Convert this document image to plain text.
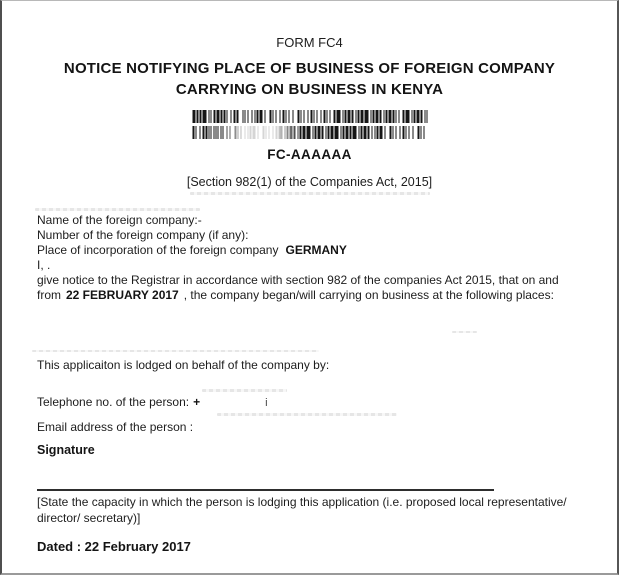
FORM FC4
NOTICE NOTIFYING PLACE OF BUSINESS OF FOREIGN COMPANY
CARRYING ON BUSINESS IN KENYA
FC-AAAAAA
[Section 982(1) of the Companies Act, 2015]
Name of the foreign company:-
Number of the foreign company (if any):
Place of incorporation of the foreign company GERMANY
I, .
give notice to the Registrar in accordance with section 982 of the companies Act 2015, that on and
from 22 FEBRUARY 2017 , the company began/will carrying on business at the following places:
This applicaiton is lodged on behalf of the company by:
Telephone no. of the person: +	i
Email address of the person :
Signature
[State the capacity in which the person is lodging this application (i.e. proposed local representative/
director/ secretary)]
Dated : 22 February 2017
